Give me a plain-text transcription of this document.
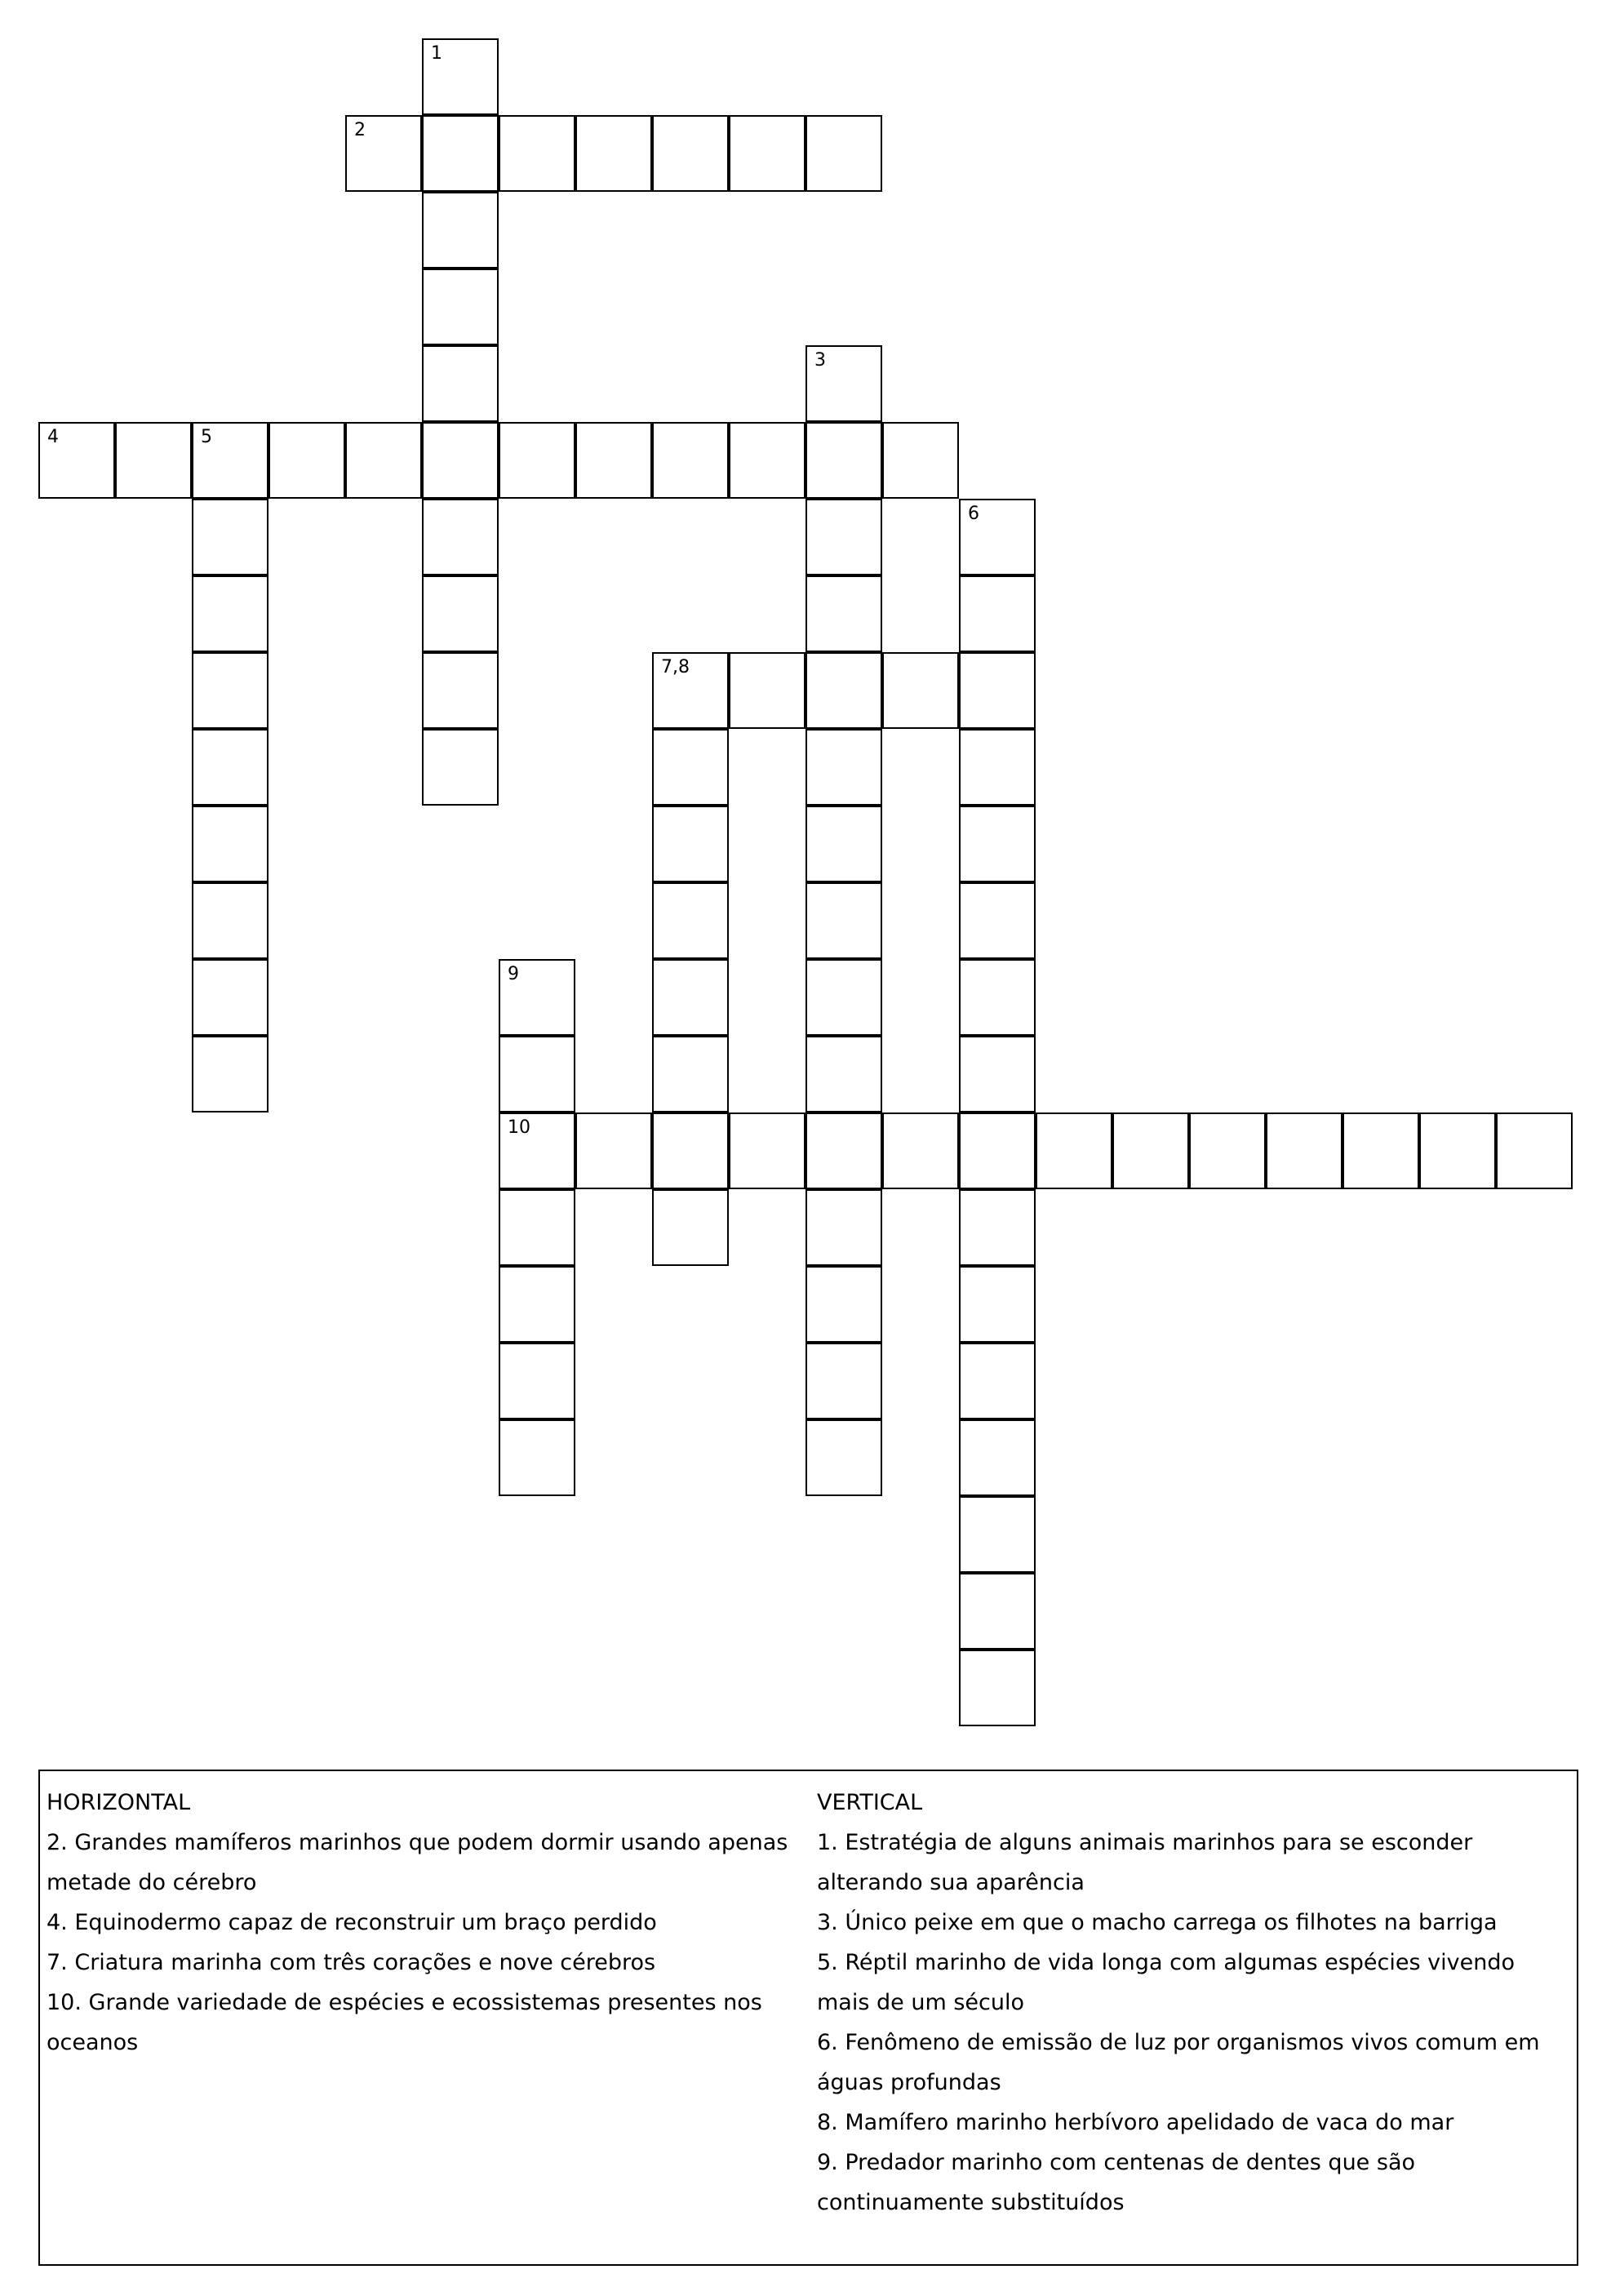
1
2
3
4	5
6
7,8
9
10
HORIZONTAL
2. Grandes mamíferos marinhos que podem dormir usando apenas metade do cérebro
4. Equinodermo capaz de reconstruir um braço perdido
7. Criatura marinha com três corações e nove cérebros
10. Grande variedade de espécies e ecossistemas presentes nos oceanos
VERTICAL
1. Estratégia de alguns animais marinhos para se esconder alterando sua aparência
3. Único peixe em que o macho carrega os filhotes na barriga
5. Réptil marinho de vida longa com algumas espécies vivendo mais de um século
6. Fenômeno de emissão de luz por organismos vivos comum em águas profundas
8. Mamífero marinho herbívoro apelidado de vaca do mar
9. Predador marinho com centenas de dentes que são continuamente substituídos
